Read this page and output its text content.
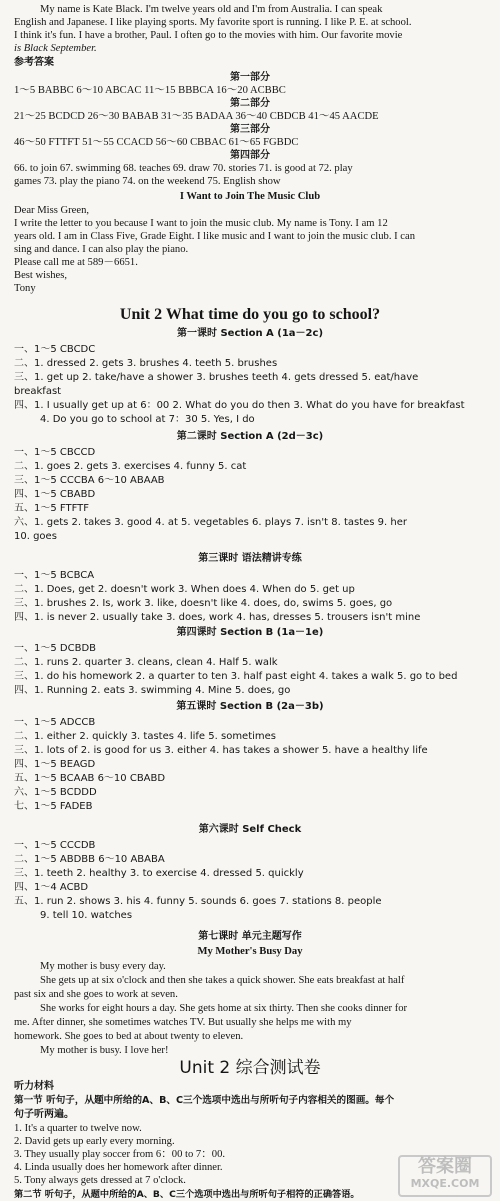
My name is Kate Black. I'm twelve years old and I'm from Australia. I can speak
English and Japanese. I like playing sports. My favorite sport is running. I like P. E. at school.
I think it's fun. I have a brother, Paul. I often go to the movies with him. Our favorite movie
is Black September.
参考答案
第一部分
1～5 BABBC 6～10 ABCAC 11～15 BBBCA 16～20 ACBBC
第二部分
21～25 BCDCD 26～30 BABAB 31～35 BADAA 36～40 CBDCB 41～45 AACDE
第三部分
46～50 FTTFT 51～55 CCACD 56～60 CBBAC 61～65 FGBDC
第四部分
66. to join 67. swimming 68. teaches 69. draw 70. stories 71. is good at 72. play
games 73. play the piano 74. on the weekend 75. English show
I Want to Join The Music Club
Dear Miss Green,
I write the letter to you because I want to join the music club. My name is Tony. I am 12
years old. I am in Class Five, Grade Eight. I like music and I want to join the music club. I can
sing and dance. I can also play the piano.
Please call me at 589－6651.
Best wishes,
Tony
Unit 2 What time do you go to school?
第一课时 Section A (1a－2c)
一、1～5 CBCDC
二、1. dressed 2. gets 3. brushes 4. teeth 5. brushes
三、1. get up 2. take/have a shower 3. brushes teeth 4. gets dressed 5. eat/have
breakfast
四、1. I usually get up at 6：00 2. What do you do then 3. What do you have for breakfast
4. Do you go to school at 7：30 5. Yes, I do
第二课时 Section A (2d－3c)
一、1～5 CBCCD
二、1. goes 2. gets 3. exercises 4. funny 5. cat
三、1～5 CCCBA 6～10 ABAAB
四、1～5 CBABD
五、1～5 FTFTF
六、1. gets 2. takes 3. good 4. at 5. vegetables 6. plays 7. isn't 8. tastes 9. her
10. goes
第三课时 语法精讲专练
一、1～5 BCBCA
二、1. Does, get 2. doesn't work 3. When does 4. When do 5. get up
三、1. brushes 2. Is, work 3. like, doesn't like 4. does, do, swims 5. goes, go
四、1. is never 2. usually take 3. does, work 4. has, dresses 5. trousers isn't mine
第四课时 Section B (1a－1e)
一、1～5 DCBDB
二、1. runs 2. quarter 3. cleans, clean 4. Half 5. walk
三、1. do his homework 2. a quarter to ten 3. half past eight 4. takes a walk 5. go to bed
四、1. Running 2. eats 3. swimming 4. Mine 5. does, go
第五课时 Section B (2a－3b)
一、1～5 ADCCB
二、1. either 2. quickly 3. tastes 4. life 5. sometimes
三、1. lots of 2. is good for us 3. either 4. has takes a shower 5. have a healthy life
四、1～5 BEAGD
五、1～5 BCAAB 6～10 CBABD
六、1～5 BCDDD
七、1～5 FADEB
第六课时 Self Check
一、1～5 CCCDB
二、1～5 ABDBB 6～10 ABABA
三、1. teeth 2. healthy 3. to exercise 4. dressed 5. quickly
四、1～4 ACBD
五、1. run 2. shows 3. his 4. funny 5. sounds 6. goes 7. stations 8. people
9. tell 10. watches
第七课时 单元主题写作
My Mother's Busy Day
My mother is busy every day.
She gets up at six o'clock and then she takes a quick shower. She eats breakfast at half
past six and she goes to work at seven.
She works for eight hours a day. She gets home at six thirty. Then she cooks dinner for
me. After dinner, she sometimes watches TV. But usually she helps me with my
homework. She goes to bed at about twenty to eleven.
My mother is busy. I love her!
Unit 2 综合测试卷
听力材料
第一节 听句子，从题中所给的A、B、C三个选项中选出与所听句子内容相关的图画。每个
句子听两遍。
1. It's a quarter to twelve now.
2. David gets up early every morning.
3. They usually play soccer from 6：00 to 7：00.
4. Linda usually does her homework after dinner.
5. Tony always gets dressed at 7 o'clock.
第二节 听句子，从题中所给的A、B、C三个选项中选出与所听句子相符的正确答语。
答案圈
MXQE.COM
